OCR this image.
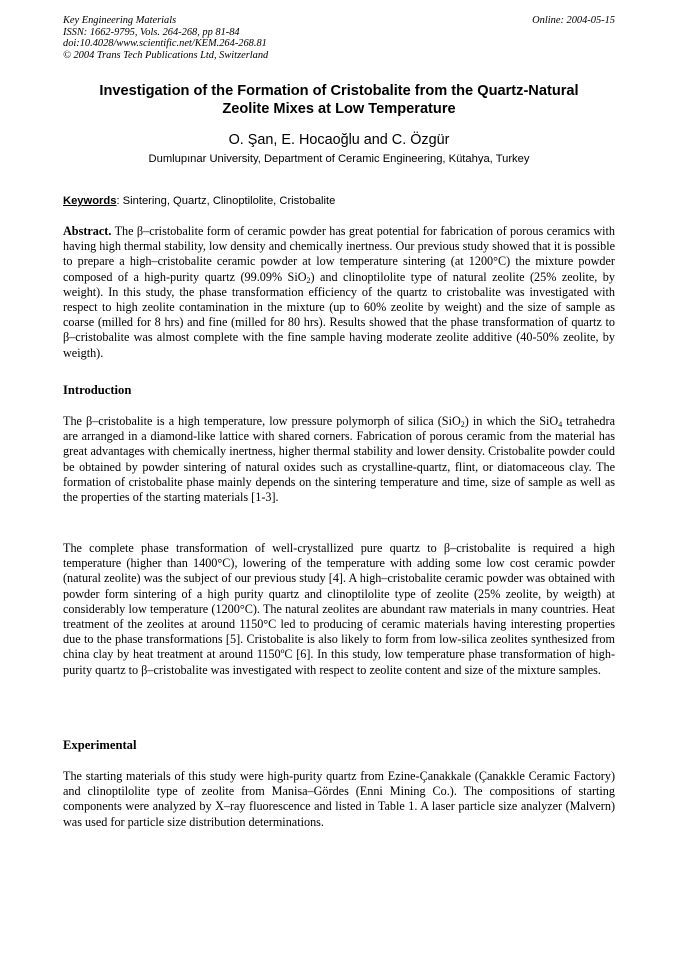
Key Engineering Materials
ISSN: 1662-9795, Vols. 264-268, pp 81-84
doi:10.4028/www.scientific.net/KEM.264-268.81
© 2004 Trans Tech Publications Ltd, Switzerland
Online: 2004-05-15
Investigation of the Formation of Cristobalite from the Quartz-Natural
Zeolite Mixes at Low Temperature
O. Şan, E. Hocaoğlu and C. Özgür
Dumlupınar University, Department of Ceramic Engineering, Kütahya, Turkey
Keywords: Sintering, Quartz, Clinoptilolite, Cristobalite
Abstract. The β–cristobalite form of ceramic powder has great potential for fabrication of porous ceramics with having high thermal stability, low density and chemically inertness. Our previous study showed that it is possible to prepare a high–cristobalite ceramic powder at low temperature sintering (at 1200°C) the mixture powder composed of a high-purity quartz (99.09% SiO$_2$) and clinoptilolite type of natural zeolite (25% zeolite, by weight). In this study, the phase transformation efficiency of the quartz to cristobalite was investigated with respect to high zeolite contamination in the mixture (up to 60% zeolite by weight) and the size of sample as coarse (milled for 8 hrs) and fine (milled for 80 hrs). Results showed that the phase transformation of quartz to β–cristobalite was almost complete with the fine sample having moderate zeolite additive (40-50% zeolite, by weigth).
Introduction
The β–cristobalite is a high temperature, low pressure polymorph of silica (SiO$_2$) in which the SiO$_4$ tetrahedra are arranged in a diamond-like lattice with shared corners. Fabrication of porous ceramic from the material has great advantages with chemically inertness, higher thermal stability and lower density. Cristobalite powder could be obtained by powder sintering of natural oxides such as crystalline-quartz, flint, or diatomaceous clay. The formation of cristobalite phase mainly depends on the sintering temperature and time, size of sample as well as the properties of the starting materials [1-3].
The complete phase transformation of well-crystallized pure quartz to β–cristobalite is required a high temperature (higher than 1400°C), lowering of the temperature with adding some low cost ceramic powder (natural zeolite) was the subject of our previous study [4]. A high–cristobalite ceramic powder was obtained with powder form sintering of a high purity quartz and clinoptilolite type of zeolite (25% zeolite, by weigth) at considerably low temperature (1200°C). The natural zeolites are abundant raw materials in many countries. Heat treatment of the zeolites at around 1150°C led to producing of ceramic materials having interesting properties due to the phase transformations [5]. Cristobalite is also likely to form from low-silica zeolites synthesized from china clay by heat treatment at around 1150ºC [6]. In this study, low temperature phase transformation of high-purity quartz to β–cristobalite was investigated with respect to zeolite content and size of the mixture samples.
Experimental
The starting materials of this study were high-purity quartz from Ezine-Çanakkale (Çanakkle Ceramic Factory) and clinoptilolite type of zeolite from Manisa–Gördes (Enni Mining Co.). The compositions of starting components were analyzed by X–ray fluorescence and listed in Table 1. A laser particle size analyzer (Malvern) was used for particle size distribution determinations.
